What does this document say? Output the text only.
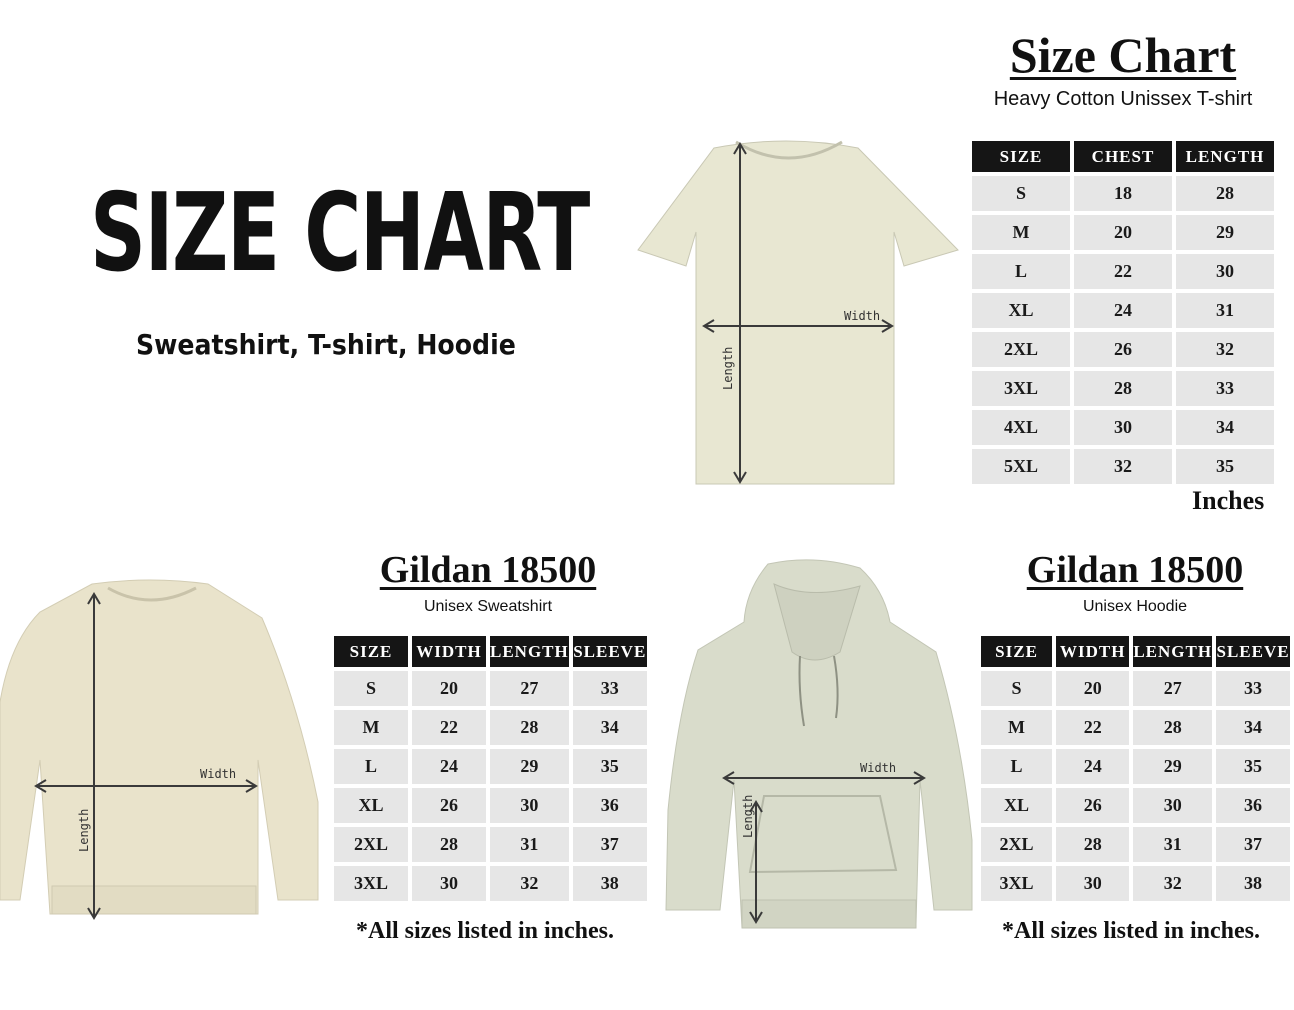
SIZE CHART
Sweatshirt, T-shirt, Hoodie
Width
Length
Size Chart
Heavy Cotton Unissex T-shirt
SIZE	CHEST	LENGTH
S	18	28
M	20	29
L	22	30
XL	24	31
2XL	26	32
3XL	28	33
4XL	30	34
5XL	32	35
Inches
Width
Length
Gildan 18500
Unisex Sweatshirt
SIZE	WIDTH	LENGTH	SLEEVE
S	20	27	33
M	22	28	34
L	24	29	35
XL	26	30	36
2XL	28	31	37
3XL	30	32	38
*All sizes listed in inches.
Width
Length
Gildan 18500
Unisex Hoodie
SIZE	WIDTH	LENGTH	SLEEVE
S	20	27	33
M	22	28	34
L	24	29	35
XL	26	30	36
2XL	28	31	37
3XL	30	32	38
*All sizes listed in inches.
